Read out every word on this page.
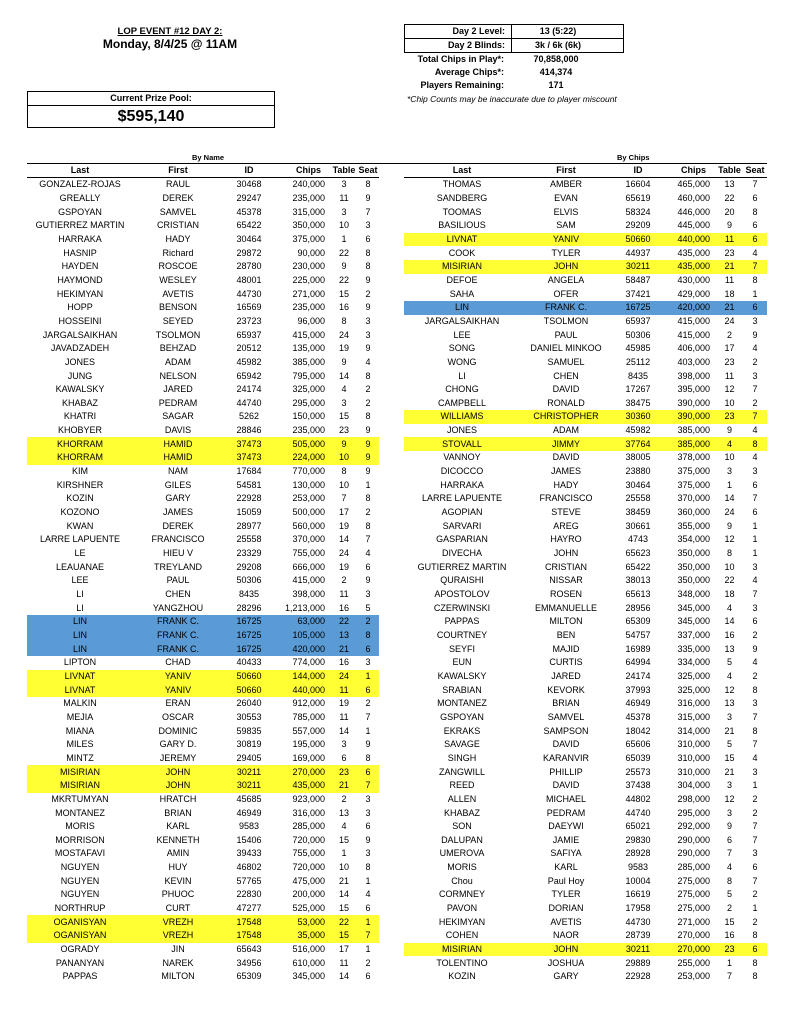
LOP EVENT #12 DAY 2:
Monday, 8/4/25 @ 11AM
Day 2 Level:	13 (5:22)
Day 2 Blinds:	3k / 6k (6k)
Total Chips in Play*:	70,858,000
Average Chips*:	414,374
Players Remaining:	171
*Chip Counts may be inaccurate due to player miscount
Current Prize Pool:
$595,140
By Name	By Chips
Last	First	ID	Chips	Table	Seat
GONZALEZ-ROJAS	RAUL	30468	240,000	3	8
GREALLY	DEREK	29247	235,000	11	9
GSPOYAN	SAMVEL	45378	315,000	3	7
GUTIERREZ MARTIN	CRISTIAN	65422	350,000	10	3
HARRAKA	HADY	30464	375,000	1	6
HASNIP	Richard	29872	90,000	22	8
HAYDEN	ROSCOE	28780	230,000	9	8
HAYMOND	WESLEY	48001	225,000	22	9
HEKIMYAN	AVETIS	44730	271,000	15	2
HOPP	BENSON	16569	235,000	16	9
HOSSEINI	SEYED	23723	96,000	8	3
JARGALSAIKHAN	TSOLMON	65937	415,000	24	3
JAVADZADEH	BEHZAD	20512	135,000	19	9
JONES	ADAM	45982	385,000	9	4
JUNG	NELSON	65942	795,000	14	8
KAWALSKY	JARED	24174	325,000	4	2
KHABAZ	PEDRAM	44740	295,000	3	2
KHATRI	SAGAR	5262	150,000	15	8
KHOBYER	DAVIS	28846	235,000	23	9
KHORRAM	HAMID	37473	505,000	9	9
KHORRAM	HAMID	37473	224,000	10	9
KIM	NAM	17684	770,000	8	9
KIRSHNER	GILES	54581	130,000	10	1
KOZIN	GARY	22928	253,000	7	8
KOZONO	JAMES	15059	500,000	17	2
KWAN	DEREK	28977	560,000	19	8
LARRE LAPUENTE	FRANCISCO	25558	370,000	14	7
LE	HIEU V	23329	755,000	24	4
LEAUANAE	TREYLAND	29208	666,000	19	6
LEE	PAUL	50306	415,000	2	9
LI	CHEN	8435	398,000	11	3
LI	YANGZHOU	28296	1,213,000	16	5
LIN	FRANK C.	16725	63,000	22	2
LIN	FRANK C.	16725	105,000	13	8
LIN	FRANK C.	16725	420,000	21	6
LIPTON	CHAD	40433	774,000	16	3
LIVNAT	YANIV	50660	144,000	24	1
LIVNAT	YANIV	50660	440,000	11	6
MALKIN	ERAN	26040	912,000	19	2
MEJIA	OSCAR	30553	785,000	11	7
MIANA	DOMINIC	59835	557,000	14	1
MILES	GARY D.	30819	195,000	3	9
MINTZ	JEREMY	29405	169,000	6	8
MISIRIAN	JOHN	30211	270,000	23	6
MISIRIAN	JOHN	30211	435,000	21	7
MKRTUMYAN	HRATCH	45685	923,000	2	3
MONTANEZ	BRIAN	46949	316,000	13	3
MORIS	KARL	9583	285,000	4	6
MORRISON	KENNETH	15406	720,000	15	9
MOSTAFAVI	AMIN	39433	755,000	1	3
NGUYEN	HUY	46802	720,000	10	8
NGUYEN	KEVIN	57765	475,000	21	1
NGUYEN	PHUOC	22830	200,000	14	4
NORTHRUP	CURT	47277	525,000	15	6
OGANISYAN	VREZH	17548	53,000	22	1
OGANISYAN	VREZH	17548	35,000	15	7
OGRADY	JIN	65643	516,000	17	1
PANANYAN	NAREK	34956	610,000	11	2
PAPPAS	MILTON	65309	345,000	14	6
Last	First	ID	Chips	Table	Seat
THOMAS	AMBER	16604	465,000	13	7
SANDBERG	EVAN	65619	460,000	22	6
TOOMAS	ELVIS	58324	446,000	20	8
BASILIOUS	SAM	29209	445,000	9	6
LIVNAT	YANIV	50660	440,000	11	6
COOK	TYLER	44937	435,000	23	4
MISIRIAN	JOHN	30211	435,000	21	7
DEFOE	ANGELA	58487	430,000	11	8
SAHA	OFER	37421	429,000	18	1
LIN	FRANK C.	16725	420,000	21	6
JARGALSAIKHAN	TSOLMON	65937	415,000	24	3
LEE	PAUL	50306	415,000	2	9
SONG	DANIEL MINKOO	45985	406,000	17	4
WONG	SAMUEL	25112	403,000	23	2
LI	CHEN	8435	398,000	11	3
CHONG	DAVID	17267	395,000	12	7
CAMPBELL	RONALD	38475	390,000	10	2
WILLIAMS	CHRISTOPHER	30360	390,000	23	7
JONES	ADAM	45982	385,000	9	4
STOVALL	JIMMY	37764	385,000	4	8
VANNOY	DAVID	38005	378,000	10	4
DICOCCO	JAMES	23880	375,000	3	3
HARRAKA	HADY	30464	375,000	1	6
LARRE LAPUENTE	FRANCISCO	25558	370,000	14	7
AGOPIAN	STEVE	38459	360,000	24	6
SARVARI	AREG	30661	355,000	9	1
GASPARIAN	HAYRO	4743	354,000	12	1
DIVECHA	JOHN	65623	350,000	8	1
GUTIERREZ MARTIN	CRISTIAN	65422	350,000	10	3
QURAISHI	NISSAR	38013	350,000	22	4
APOSTOLOV	ROSEN	65613	348,000	18	7
CZERWINSKI	EMMANUELLE	28956	345,000	4	3
PAPPAS	MILTON	65309	345,000	14	6
COURTNEY	BEN	54757	337,000	16	2
SEYFI	MAJID	16989	335,000	13	9
EUN	CURTIS	64994	334,000	5	4
KAWALSKY	JARED	24174	325,000	4	2
SRABIAN	KEVORK	37993	325,000	12	8
MONTANEZ	BRIAN	46949	316,000	13	3
GSPOYAN	SAMVEL	45378	315,000	3	7
EKRAKS	SAMPSON	18042	314,000	21	8
SAVAGE	DAVID	65606	310,000	5	7
SINGH	KARANVIR	65039	310,000	15	4
ZANGWILL	PHILLIP	25573	310,000	21	3
REED	DAVID	37438	304,000	3	1
ALLEN	MICHAEL	44802	298,000	12	2
KHABAZ	PEDRAM	44740	295,000	3	2
SON	DAEYWI	65021	292,000	9	7
DALUPAN	JAMIE	29830	290,000	6	7
UMEROVA	SAFIYA	28928	290,000	7	3
MORIS	KARL	9583	285,000	4	6
Chou	Paul Hoy	10004	275,000	8	7
CORMNEY	TYLER	16619	275,000	5	2
PAVON	DORIAN	17958	275,000	2	1
HEKIMYAN	AVETIS	44730	271,000	15	2
COHEN	NAOR	28739	270,000	16	8
MISIRIAN	JOHN	30211	270,000	23	6
TOLENTINO	JOSHUA	29889	255,000	1	8
KOZIN	GARY	22928	253,000	7	8
